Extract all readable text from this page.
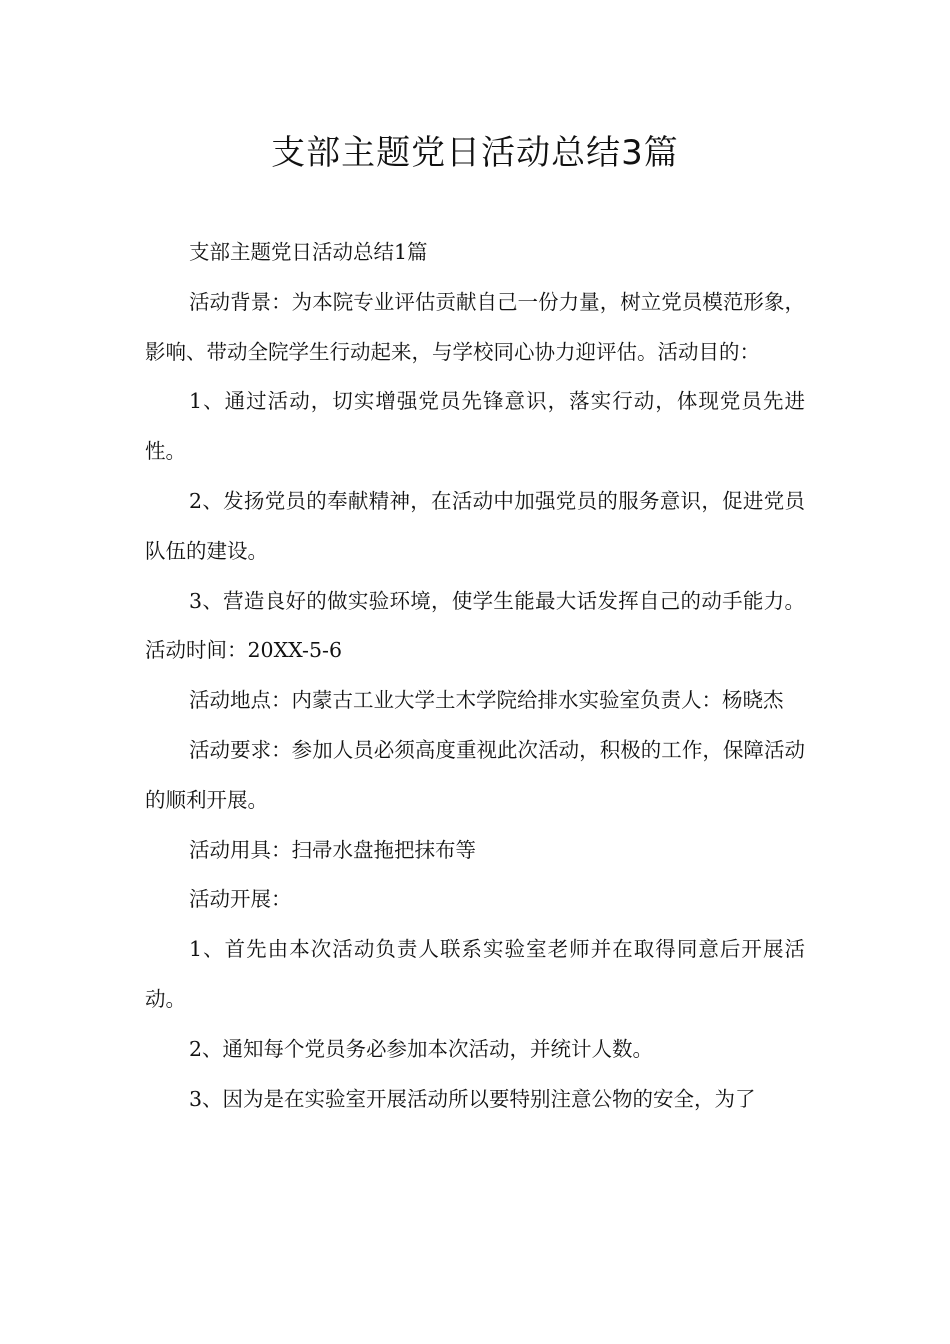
支部主题党日活动总结3篇

支部主题党日活动总结1篇

活动背景：为本院专业评估贡献自己一份力量，树立党员模范形象，影响、带动全院学生行动起来，与学校同心协力迎评估。活动目的：

1、通过活动，切实增强党员先锋意识，落实行动，体现党员先进性。

2、发扬党员的奉献精神，在活动中加强党员的服务意识，促进党员队伍的建设。

3、营造良好的做实验环境，使学生能最大话发挥自己的动手能力。活动时间：20XX-5-6

活动地点：内蒙古工业大学土木学院给排水实验室负责人：杨晓杰

活动要求：参加人员必须高度重视此次活动，积极的工作，保障活动的顺利开展。

活动用具：扫帚水盘拖把抹布等

活动开展：

1、首先由本次活动负责人联系实验室老师并在取得同意后开展活动。

2、通知每个党员务必参加本次活动，并统计人数。

3、因为是在实验室开展活动所以要特别注意公物的安全，为了
